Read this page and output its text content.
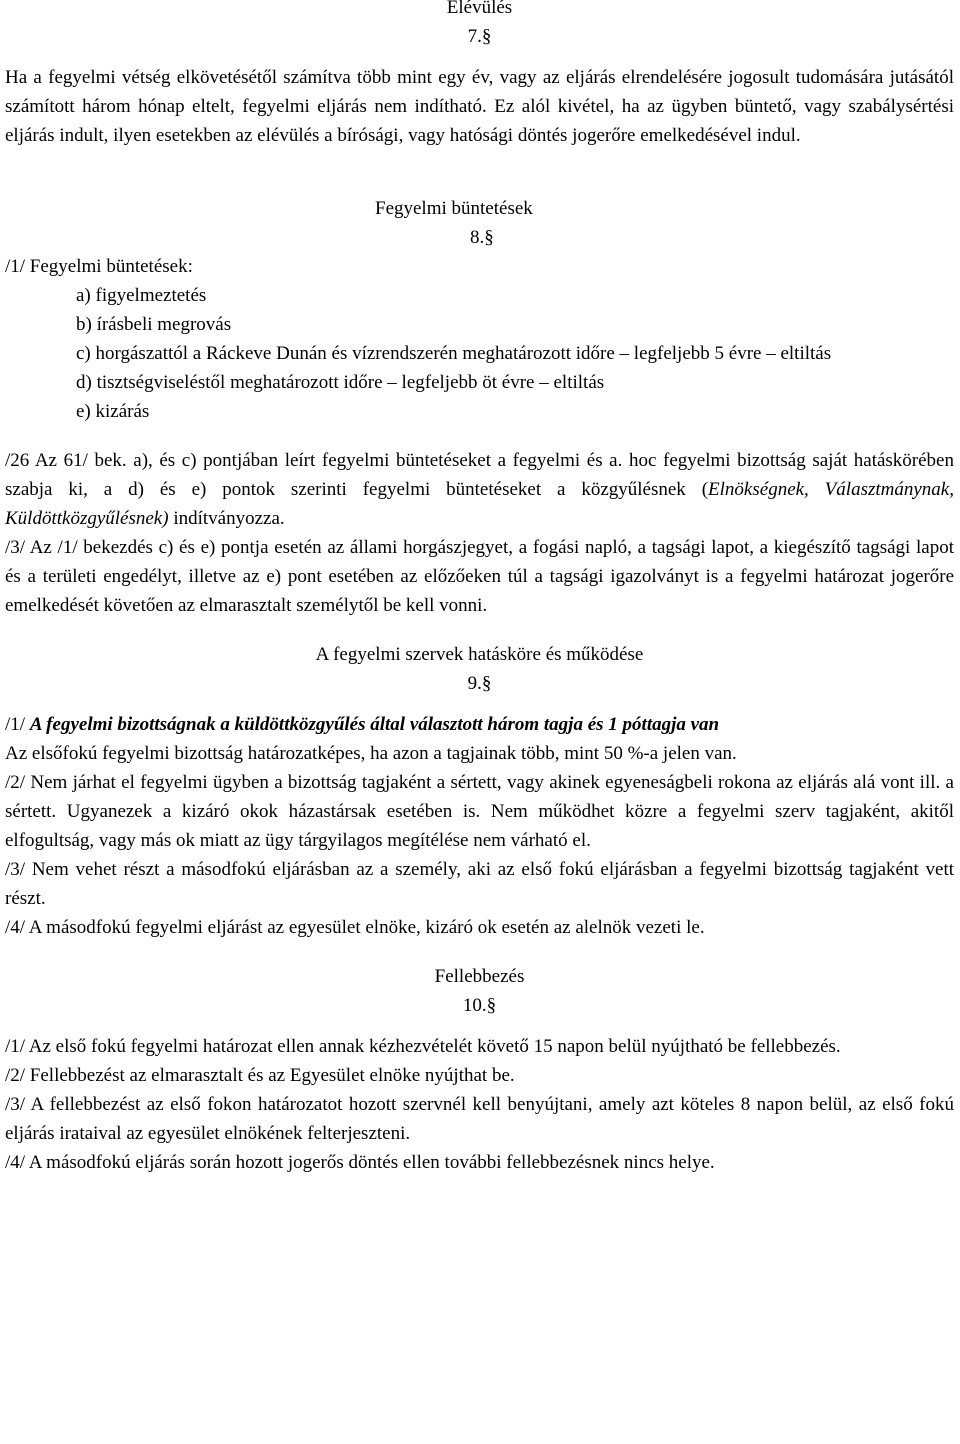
Elévülés

7.§

Ha a fegyelmi vétség elkövetésétől számítva több mint egy év, vagy az eljárás elrendelésére jogosult tudomására jutásától számított három hónap eltelt, fegyelmi eljárás nem indítható. Ez alól kivétel, ha az ügyben büntető, vagy szabálysértési eljárás indult, ilyen esetekben az elévülés a bírósági, vagy hatósági döntés jogerőre emelkedésével indul.

Fegyelmi büntetések

8.§

/1/ Fegyelmi büntetések:

a) figyelmeztetés

b) írásbeli megrovás

c) horgászattól a Ráckeve Dunán és vízrendszerén meghatározott időre – legfeljebb 5 évre – eltiltás

d) tisztségviseléstől meghatározott időre – legfeljebb öt évre – eltiltás

e) kizárás

/26 Az 61/ bek. a), és c) pontjában leírt fegyelmi büntetéseket a fegyelmi és a. hoc fegyelmi bizottság saját hatáskörében szabja ki, a d) és e) pontok szerinti fegyelmi büntetéseket a közgyűlésnek (Elnökségnek, Választmánynak, Küldöttközgyűlésnek) indítványozza.

/3/ Az /1/ bekezdés c) és e) pontja esetén az állami horgászjegyet, a fogási napló, a tagsági lapot, a kiegészítő tagsági lapot és a területi engedélyt, illetve az e) pont esetében az előzőeken túl a tagsági igazolványt is a fegyelmi határozat jogerőre emelkedését követően az elmarasztalt személytől be kell vonni.

A fegyelmi szervek hatásköre és működése

9.§

/1/ A fegyelmi bizottságnak a küldöttközgyűlés által választott három tagja és 1 póttagja van

Az elsőfokú fegyelmi bizottság határozatképes, ha azon a tagjainak több, mint 50 %-a jelen van.

/2/ Nem járhat el fegyelmi ügyben a bizottság tagjaként a sértett, vagy akinek egyeneságbeli rokona az eljárás alá vont ill. a sértett. Ugyanezek a kizáró okok házastársak esetében is. Nem működhet közre a fegyelmi szerv tagjaként, akitől elfogultság, vagy más ok miatt az ügy tárgyilagos megítélése nem várható el.

/3/ Nem vehet részt a másodfokú eljárásban az a személy, aki az első fokú eljárásban a fegyelmi bizottság tagjaként vett részt.

/4/ A másodfokú fegyelmi eljárást az egyesület elnöke, kizáró ok esetén az alelnök vezeti le.

Fellebbezés

10.§

/1/ Az első fokú fegyelmi határozat ellen annak kézhezvételét követő 15 napon belül nyújtható be fellebbezés.

/2/ Fellebbezést az elmarasztalt és az Egyesület elnöke nyújthat be.

/3/ A fellebbezést az első fokon határozatot hozott szervnél kell benyújtani, amely azt köteles 8 napon belül, az első fokú eljárás irataival az egyesület elnökének felterjeszteni.

/4/ A másodfokú eljárás során hozott jogerős döntés ellen további fellebbezésnek nincs helye.
